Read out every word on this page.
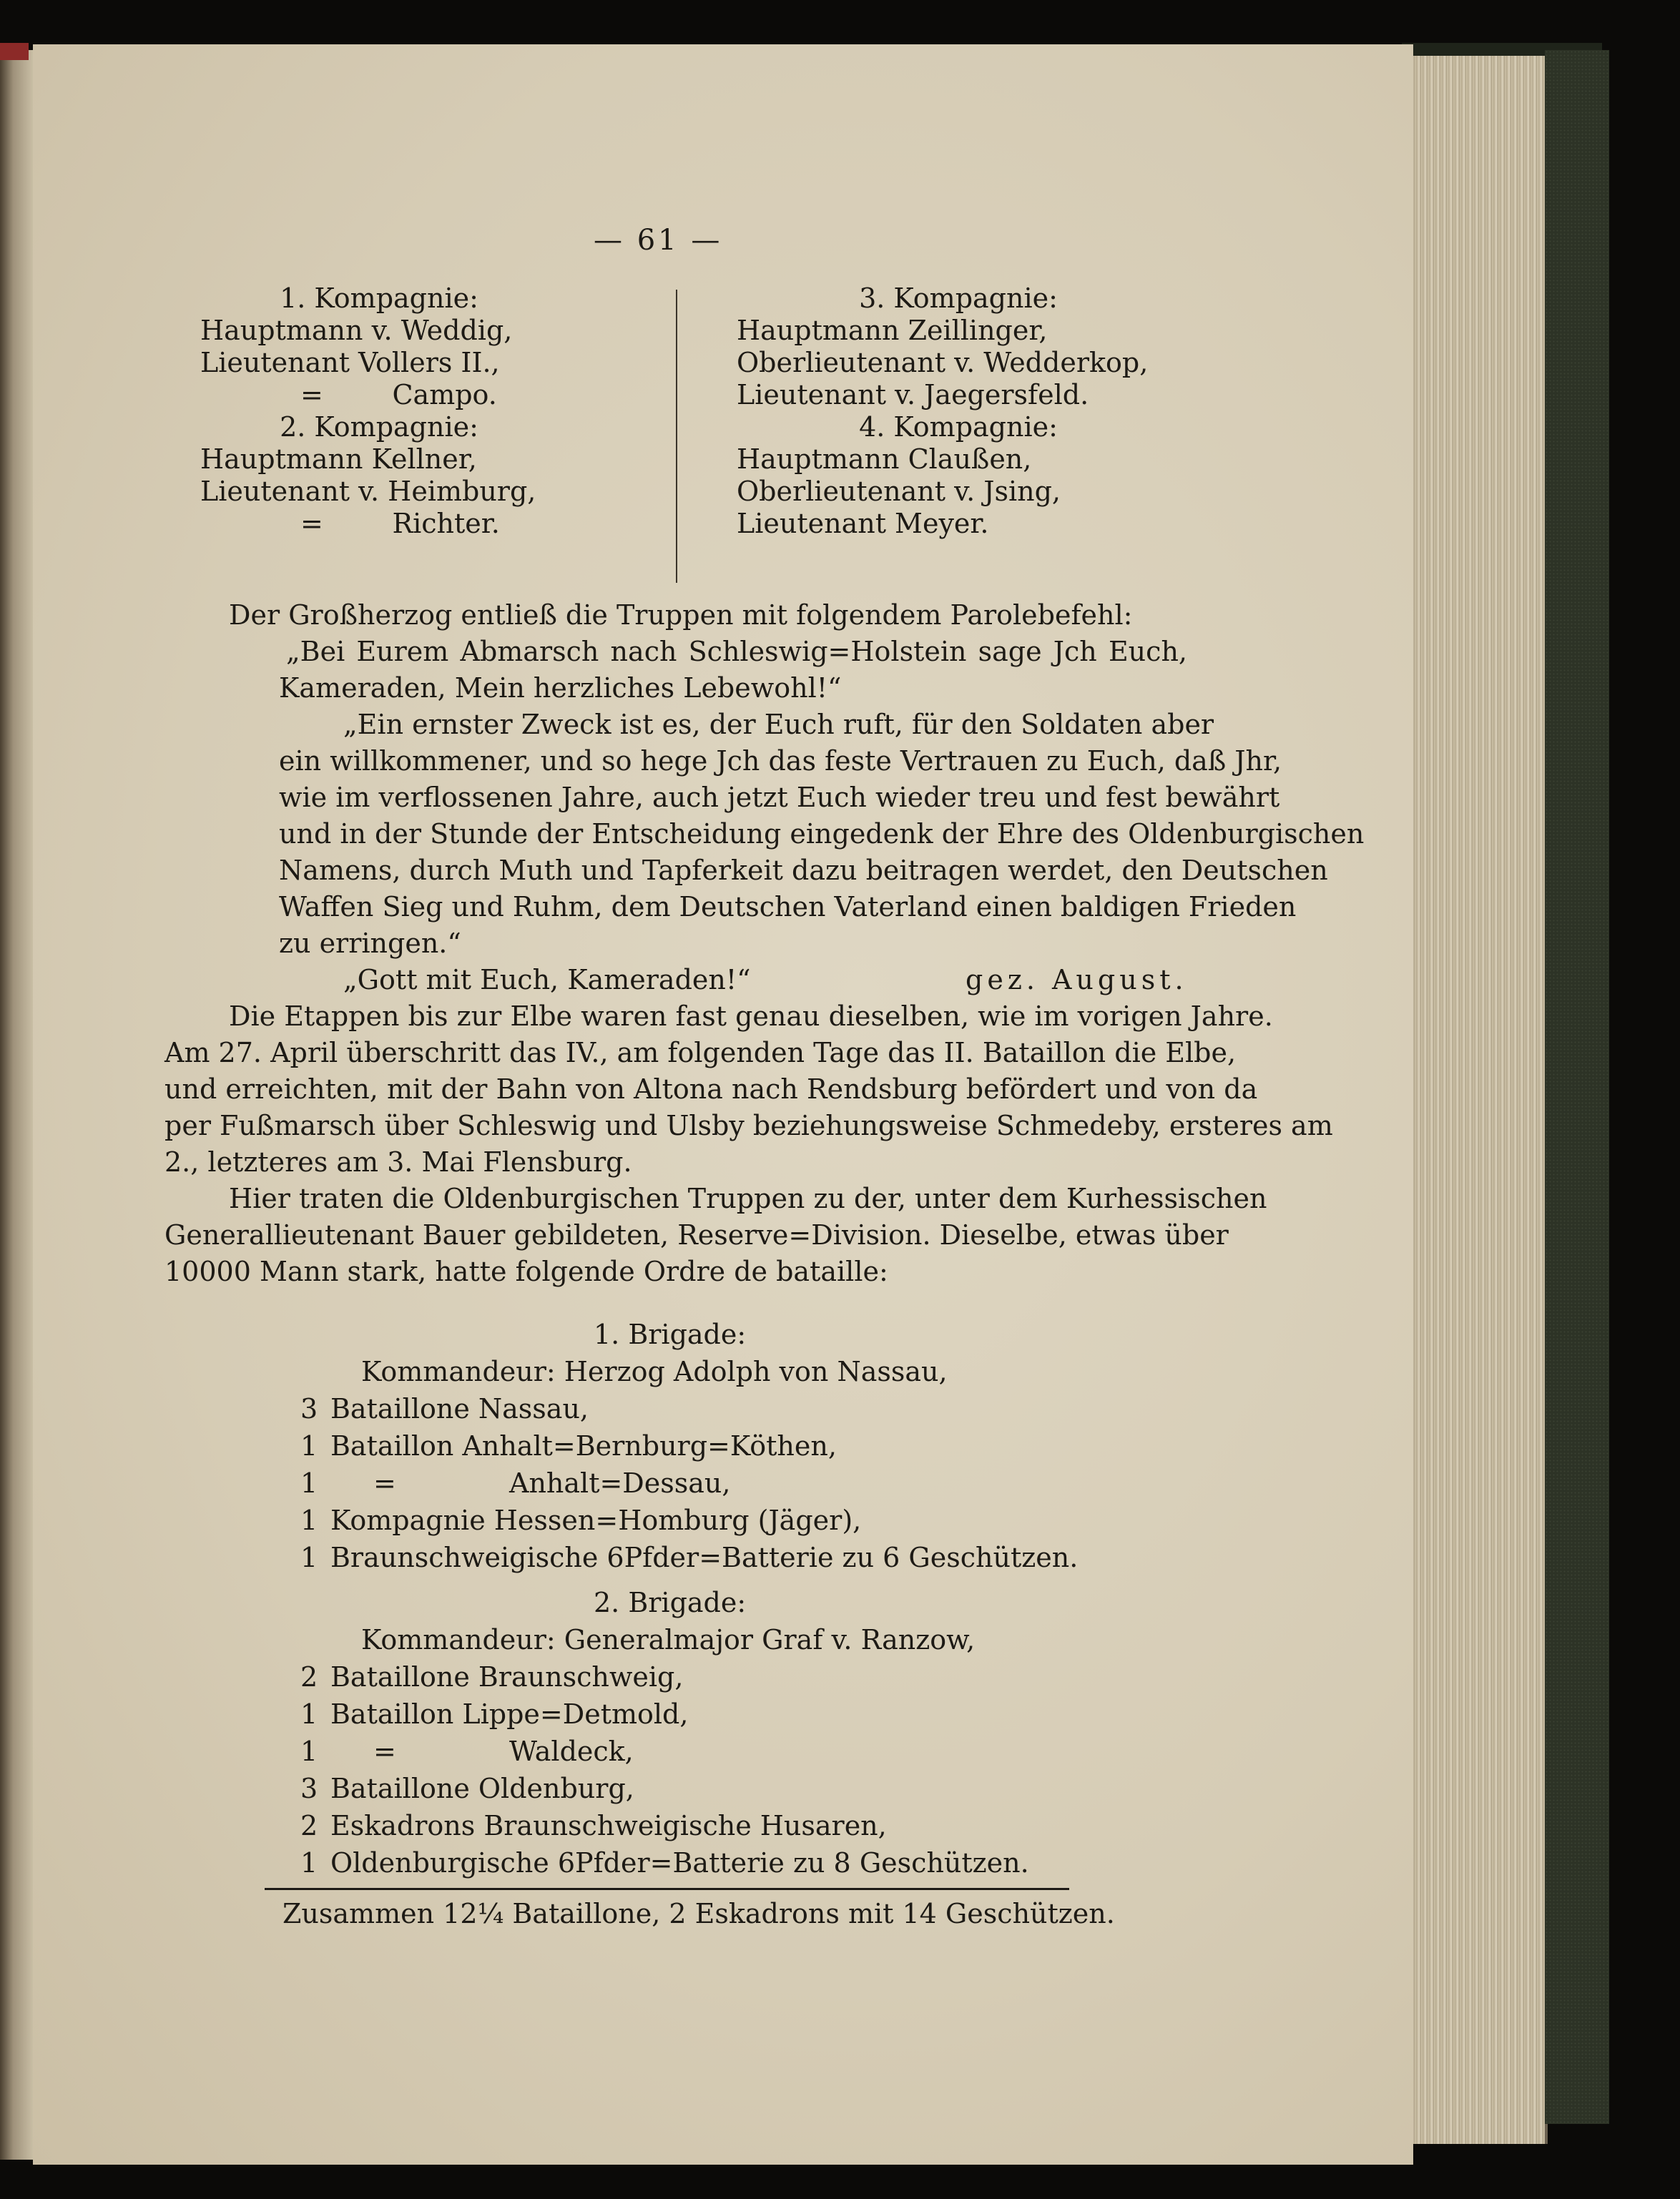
— 61 —
1. Kompagnie:
Hauptmann v. Weddig,
Lieutenant Vollers II.,
=        Campo.
2. Kompagnie:
Hauptmann Kellner,
Lieutenant v. Heimburg,
=        Richter.
3. Kompagnie:
Hauptmann Zeillinger,
Oberlieutenant v. Wedderkop,
Lieutenant v. Jaegersfeld.
4. Kompagnie:
Hauptmann Claußen,
Oberlieutenant v. Jsing,
Lieutenant Meyer.
Der Großherzog entließ die Truppen mit folgendem Parolebefehl:
„Bei Eurem Abmarsch nach Schleswig=Holstein sage Jch Euch,
Kameraden, Mein herzliches Lebewohl!“
„Ein ernster Zweck ist es, der Euch ruft, für den Soldaten aber
ein willkommener, und so hege Jch das feste Vertrauen zu Euch, daß Jhr,
wie im verflossenen Jahre, auch jetzt Euch wieder treu und fest bewährt
und in der Stunde der Entscheidung eingedenk der Ehre des Oldenburgischen
Namens, durch Muth und Tapferkeit dazu beitragen werdet, den Deutschen
Waffen Sieg und Ruhm, dem Deutschen Vaterland einen baldigen Frieden
zu erringen.“
„Gott mit Euch, Kameraden!“	gez. August.
Die Etappen bis zur Elbe waren fast genau dieselben, wie im vorigen Jahre.
Am 27. April überschritt das IV., am folgenden Tage das II. Bataillon die Elbe,
und erreichten, mit der Bahn von Altona nach Rendsburg befördert und von da
per Fußmarsch über Schleswig und Ulsby beziehungsweise Schmedeby, ersteres am
2., letzteres am 3. Mai Flensburg.
Hier traten die Oldenburgischen Truppen zu der, unter dem Kurhessischen
Generallieutenant Bauer gebildeten, Reserve=Division. Dieselbe, etwas über
10000 Mann stark, hatte folgende Ordre de bataille:
1. Brigade:
Kommandeur: Herzog Adolph von Nassau,
3 Bataillone Nassau,
1 Bataillon Anhalt=Bernburg=Köthen,
1 =	Anhalt=Dessau,
1 Kompagnie Hessen=Homburg (Jäger),
1 Braunschweigische 6Pfder=Batterie zu 6 Geschützen.
2. Brigade:
Kommandeur: Generalmajor Graf v. Ranzow,
2 Bataillone Braunschweig,
1 Bataillon Lippe=Detmold,
1 =	Waldeck,
3 Bataillone Oldenburg,
2 Eskadrons Braunschweigische Husaren,
1 Oldenburgische 6Pfder=Batterie zu 8 Geschützen.
Zusammen 12¼ Bataillone, 2 Eskadrons mit 14 Geschützen.
